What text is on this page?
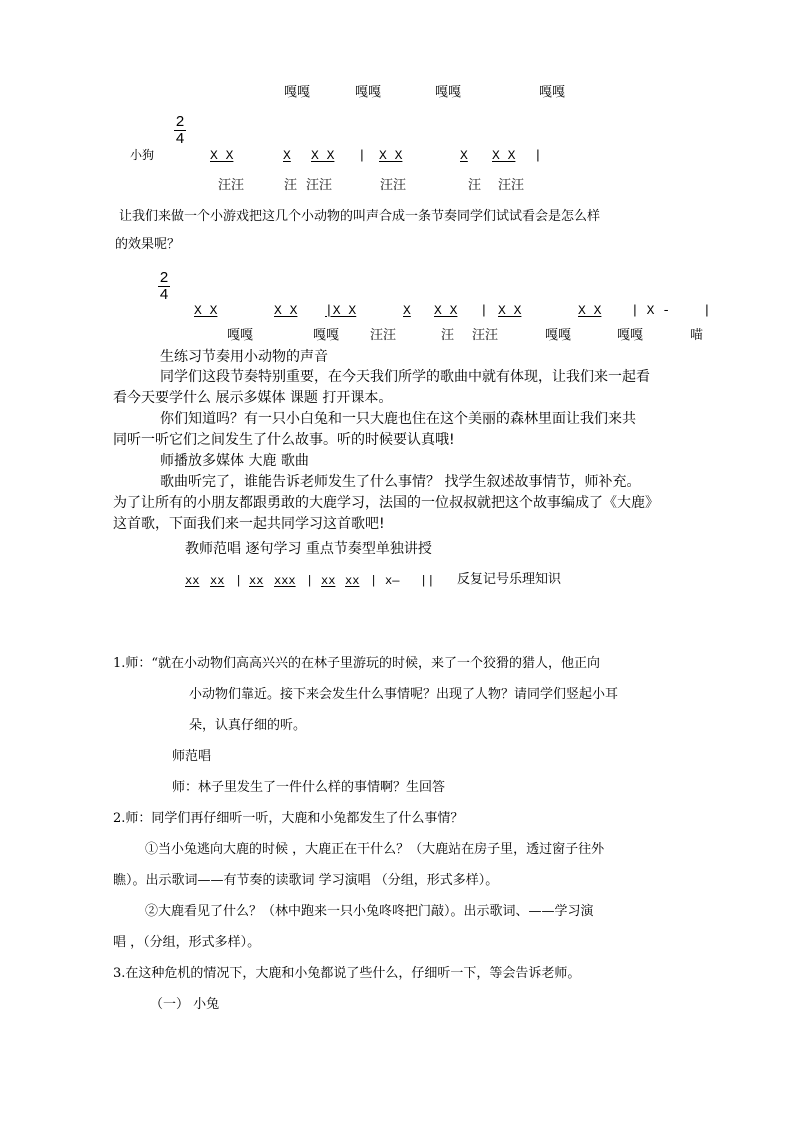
嘎嘎	嘎嘎	嘎嘎	嘎嘎
2
4
小狗	X X	X X X | X X	X X X |
汪汪	汪 汪汪	汪汪	汪 汪汪
让我们来做一个小游戏把这几个小动物的叫声合成一条节奏同学们试试看会是怎么样
的效果呢？
2
4
X X	X X |X X	X X X | X X	X X | X -	|
嘎嘎	嘎嘎 汪汪	汪 汪汪	嘎嘎	嘎嘎	喵
生练习节奏用小动物的声音
同学们这段节奏特别重要，在今天我们所学的歌曲中就有体现，让我们来一起看
看今天要学什么 展示多媒体 课题 打开课本。
你们知道吗？有一只小白兔和一只大鹿也住在这个美丽的森林里面让我们来共
同听一听它们之间发生了什么故事。听的时候要认真哦!
师播放多媒体 大鹿 歌曲
歌曲听完了，谁能告诉老师发生了什么事情？ 找学生叙述故事情节，师补充。
为了让所有的小朋友都跟勇敢的大鹿学习，法国的一位叔叔就把这个故事编成了《大鹿》
这首歌，下面我们来一起共同学习这首歌吧!
教师范唱 逐句学习 重点节奏型单独讲授
xx xx | xx xxx | xx xx | x— || 反复记号乐理知识
1.师：“就在小动物们高高兴兴的在林子里游玩的时候，来了一个狡猾的猎人，他正向
小动物们靠近。接下来会发生什么事情呢？出现了人物？请同学们竖起小耳
朵，认真仔细的听。
师范唱
师：林子里发生了一件什么样的事情啊？生回答
2.师：同学们再仔细听一听，大鹿和小兔都发生了什么事情？
①当小兔逃向大鹿的时候 ，大鹿正在干什么？（大鹿站在房子里，透过窗子往外
瞧）。出示歌词——有节奏的读歌词 学习演唱 （分组，形式多样）。
②大鹿看见了什么？（林中跑来一只小兔咚咚把门敲）。出示歌词、——学习演
唱 ，（分组，形式多样）。
3.在这种危机的情况下，大鹿和小兔都说了些什么，仔细听一下，等会告诉老师。
（一） 小兔
